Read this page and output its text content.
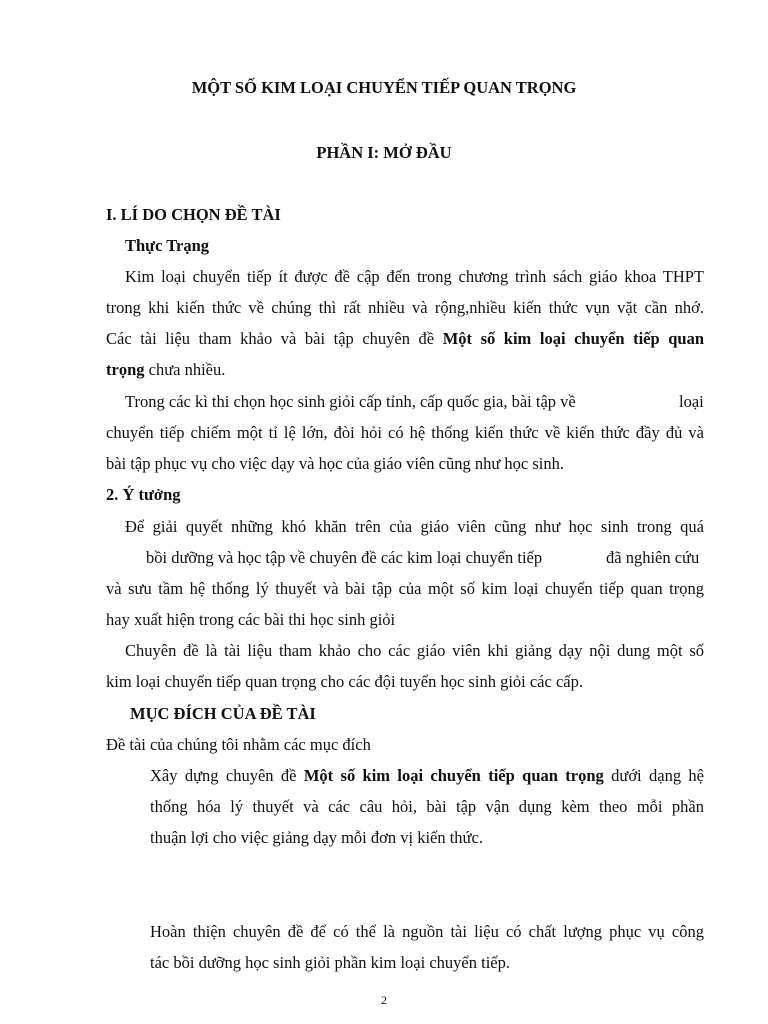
MỘT SỐ KIM LOẠI CHUYỂN TIẾP QUAN TRỌNG
PHẦN I: MỞ ĐẦU
I. LÍ DO CHỌN ĐỀ TÀI
Thực Trạng
Kim loại chuyển tiếp ít được đề cập đến trong chương trình sách giáo khoa THPT
trong khi kiến thức về chúng thì rất nhiều và rộng,nhiều kiến thức vụn vặt cần nhớ.
Các tài liệu tham khảo và bài tập chuyên đề Một số kim loại chuyển tiếp quan
trọng chưa nhiều.
Trong các kì thi chọn học sinh giỏi cấp tỉnh, cấp quốc gia, bài tập về	loại
chuyển tiếp chiếm một tỉ lệ lớn, đòi hỏi có hệ thống kiến thức về kiến thức đầy đủ và
bài tập phục vụ cho việc dạy và học của giáo viên cũng như học sinh.
2. Ý tưởng
Để giải quyết những khó khăn trên của giáo viên cũng như học sinh trong quá
bồi dưỡng và học tập về chuyên đề các kim loại chuyển tiếp	đã nghiên cứu
và sưu tầm hệ thống lý thuyết và bài tập của một số kim loại chuyển tiếp quan trọng
hay xuất hiện trong các bài thi học sinh giỏi
Chuyên đề là tài liệu tham khảo cho các giáo viên khi giảng dạy nội dung một số
kim loại chuyển tiếp quan trọng cho các đội tuyển học sinh giỏi các cấp.
MỤC ĐÍCH CỦA ĐỀ TÀI
Đề tài của chúng tôi nhằm các mục đích
Xây dựng chuyên đề Một số kim loại chuyển tiếp quan trọng dưới dạng hệ
thống hóa lý thuyết và các câu hỏi, bài tập vận dụng kèm theo mỗi phần
thuận lợi cho việc giảng dạy mỗi đơn vị kiến thức.
Hoàn thiện chuyên đề để có thể là nguồn tài liệu có chất lượng phục vụ công
tác bồi dưỡng học sinh giỏi phần kim loại chuyển tiếp.
2
